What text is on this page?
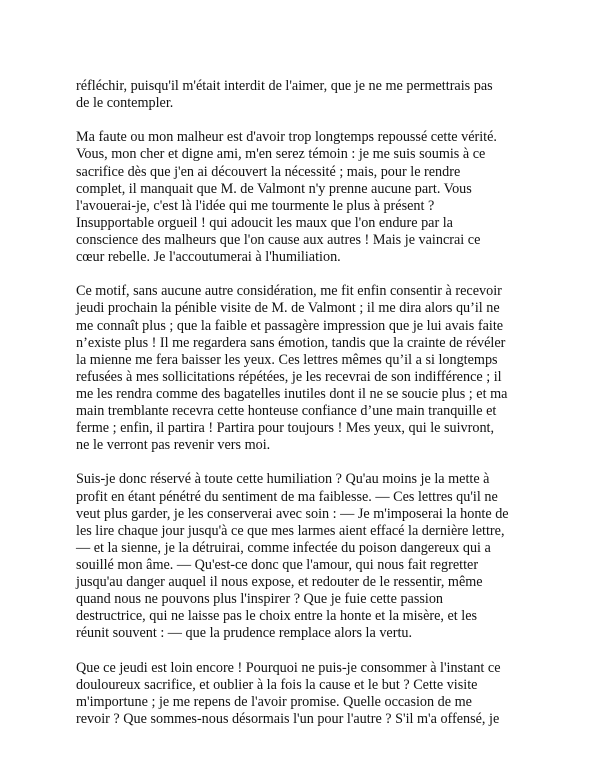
réfléchir, puisqu'il m'était interdit de l'aimer, que je ne me permettrais pas
de le contempler.

Ma faute ou mon malheur est d'avoir trop longtemps repoussé cette vérité.
Vous, mon cher et digne ami, m'en serez témoin : je me suis soumis à ce
sacrifice dès que j'en ai découvert la nécessité ; mais, pour le rendre
complet, il manquait que M. de Valmont n'y prenne aucune part. Vous
l'avouerai-je, c'est là l'idée qui me tourmente le plus à présent ?
Insupportable orgueil ! qui adoucit les maux que l'on endure par la
conscience des malheurs que l'on cause aux autres ! Mais je vaincrai ce
cœur rebelle. Je l'accoutumerai à l'humiliation.

Ce motif, sans aucune autre considération, me fit enfin consentir à recevoir
jeudi prochain la pénible visite de M. de Valmont ; il me dira alors qu’il ne
me connaît plus ; que la faible et passagère impression que je lui avais faite
n’existe plus ! Il me regardera sans émotion, tandis que la crainte de révéler
la mienne me fera baisser les yeux. Ces lettres mêmes qu’il a si longtemps
refusées à mes sollicitations répétées, je les recevrai de son indifférence ; il
me les rendra comme des bagatelles inutiles dont il ne se soucie plus ; et ma
main tremblante recevra cette honteuse confiance d’une main tranquille et
ferme ; enfin, il partira ! Partira pour toujours ! Mes yeux, qui le suivront,
ne le verront pas revenir vers moi.

Suis-je donc réservé à toute cette humiliation ? Qu'au moins je la mette à
profit en étant pénétré du sentiment de ma faiblesse. — Ces lettres qu'il ne
veut plus garder, je les conserverai avec soin : — Je m'imposerai la honte de
les lire chaque jour jusqu'à ce que mes larmes aient effacé la dernière lettre,
— et la sienne, je la détruirai, comme infectée du poison dangereux qui a
souillé mon âme. — Qu'est-ce donc que l'amour, qui nous fait regretter
jusqu'au danger auquel il nous expose, et redouter de le ressentir, même
quand nous ne pouvons plus l'inspirer ? Que je fuie cette passion
destructrice, qui ne laisse pas le choix entre la honte et la misère, et les
réunit souvent : — que la prudence remplace alors la vertu.

Que ce jeudi est loin encore ! Pourquoi ne puis-je consommer à l'instant ce
douloureux sacrifice, et oublier à la fois la cause et le but ? Cette visite
m'importune ; je me repens de l'avoir promise. Quelle occasion de me
revoir ? Que sommes-nous désormais l'un pour l'autre ? S'il m'a offensé, je
